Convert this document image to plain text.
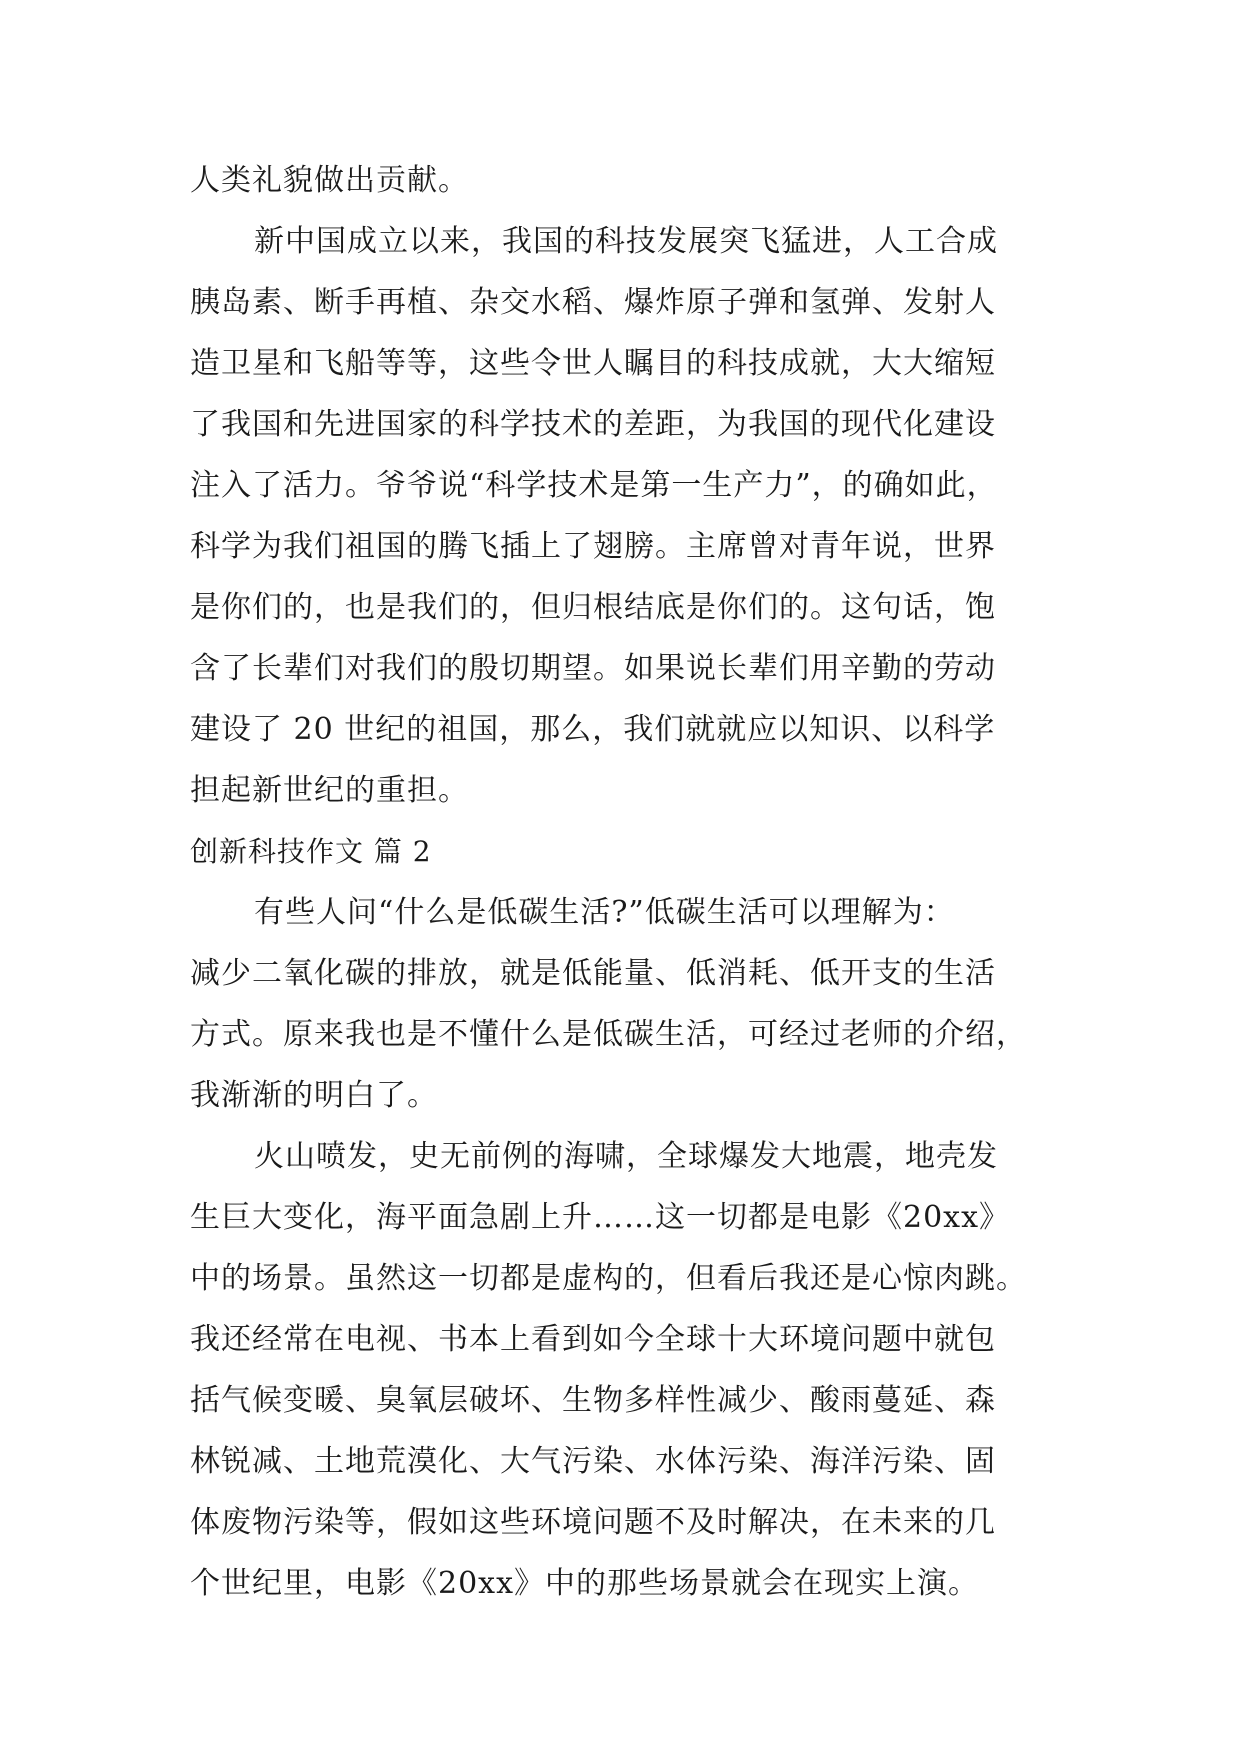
人类礼貌做出贡献。
新中国成立以来，我国的科技发展突飞猛进，人工合成
胰岛素、断手再植、杂交水稻、爆炸原子弹和氢弹、发射人
造卫星和飞船等等，这些令世人瞩目的科技成就，大大缩短
了我国和先进国家的科学技术的差距，为我国的现代化建设
注入了活力。爷爷说“科学技术是第一生产力”，的确如此，
科学为我们祖国的腾飞插上了翅膀。主席曾对青年说，世界
是你们的，也是我们的，但归根结底是你们的。这句话，饱
含了长辈们对我们的殷切期望。如果说长辈们用辛勤的劳动
建设了 20 世纪的祖国，那么，我们就就应以知识、以科学
担起新世纪的重担。
创新科技作文 篇 2
有些人问“什么是低碳生活?”低碳生活可以理解为：
减少二氧化碳的排放，就是低能量、低消耗、低开支的生活
方式。原来我也是不懂什么是低碳生活，可经过老师的介绍，
我渐渐的明白了。
火山喷发，史无前例的海啸，全球爆发大地震，地壳发
生巨大变化，海平面急剧上升……这一切都是电影《20xx》
中的场景。虽然这一切都是虚构的，但看后我还是心惊肉跳。
我还经常在电视、书本上看到如今全球十大环境问题中就包
括气候变暖、臭氧层破坏、生物多样性减少、酸雨蔓延、森
林锐减、土地荒漠化、大气污染、水体污染、海洋污染、固
体废物污染等，假如这些环境问题不及时解决，在未来的几
个世纪里，电影《20xx》中的那些场景就会在现实上演。
